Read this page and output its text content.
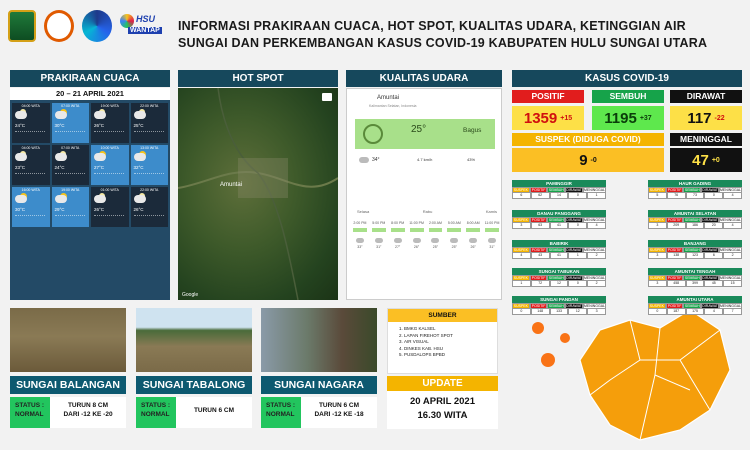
HSU
WANTAP INFORMASI PRAKIRAAN CUACA, HOT SPOT, KUALITAS UDARA, KETINGGIAN AIR
SUNGAI DAN PERKEMBANGAN KASUS COVID-19 KABUPATEN HULU SUNGAI UTARA
PRAKIRAAN CUACA
20 – 21 APRIL 2021
04:00 WITA
24°C
07:00 WITA
30°C
19:00 WITA
26°C
22:00 WITA
25°C
04:00 WITA
23°C
07:00 WITA
24°C
10:00 WITA
27°C
13:00 WITA
32°C
16:00 WITA
30°C
19:00 WITA
29°C
01:00 WITA
26°C
22:00 WITA
26°C
HOT SPOT
Amuntai
Google
KUALITAS UDARA
Amuntai
Kalimantan Selatan, Indonesia
25°	Bagus
34°	4.7 km/h	43%
Selasa	Rabu	Kamis
2:00 PM
33°
5:00 PM
31°
8:00 PM
27°
11:00 PM
26°
2:00 AM
25°
5:00 AM
25°
8:00 AM
26°
11:00 PM
31°
KASUS COVID-19
POSITIF	SEMBUH	DIRAWAT
1359 +15 1195 +37 117 -22
SUSPEK (DIDUGA COVID)	MENINGGAL
9 -0	47 +0
PAMINGGIR
SUSPEK	POSITIF SEMBUH DIRAWAT MENINGGAL
6	62	14	0	1
DANAU PANGGANG
SUSPEK	POSITIF SEMBUH DIRAWAT MENINGGAL
3	63	41	0	4
BABIRIK
SUSPEK	POSITIF SEMBUH DIRAWAT MENINGGAL
4	43	41	1	2
SUNGAI TABUKAN
SUSPEK	POSITIF SEMBUH DIRAWAT MENINGGAL
1	72	12	0	2
SUNGAI PANDAN
SUSPEK	POSITIF SEMBUH DIRAWAT MENINGGAL
0	148	133	12	3
HAUR GADING
SUSPEK	POSITIF SEMBUH DIRAWAT MENINGGAL
5	76	73	0	4
AMUNTAI SELATAN
SUSPEK	POSITIF SEMBUH DIRAWAT MENINGGAL
3	209	186	20	4
BANJANG
SUSPEK	POSITIF SEMBUH DIRAWAT MENINGGAL
3	138	123	6	2
AMUNTAI TENGAH
SUSPEK	POSITIF SEMBUH DIRAWAT MENINGGAL
3	458	399	45	15
AMUNTAI UTARA
SUSPEK	POSITIF SEMBUH DIRAWAT MENINGGAL
0	187	175	4	7
SUNGAI BALANGAN
STATUS :
NORMAL
TURUN 8 CM
DARI -12 KE -20
SUNGAI TABALONG
STATUS :
NORMAL
TURUN 6 CM
SUNGAI NAGARA
STATUS :
NORMAL
TURUN 6 CM
DARI -12 KE -18
SUMBER
1. BMKG KALSEL
2. LAPAN FIREHOT SPOT
3. AIR VISUAL
4. DINKES KAB. HSU
5. PUSDALOPS BPBD
UPDATE
20 APRIL 2021
16.30 WITA
